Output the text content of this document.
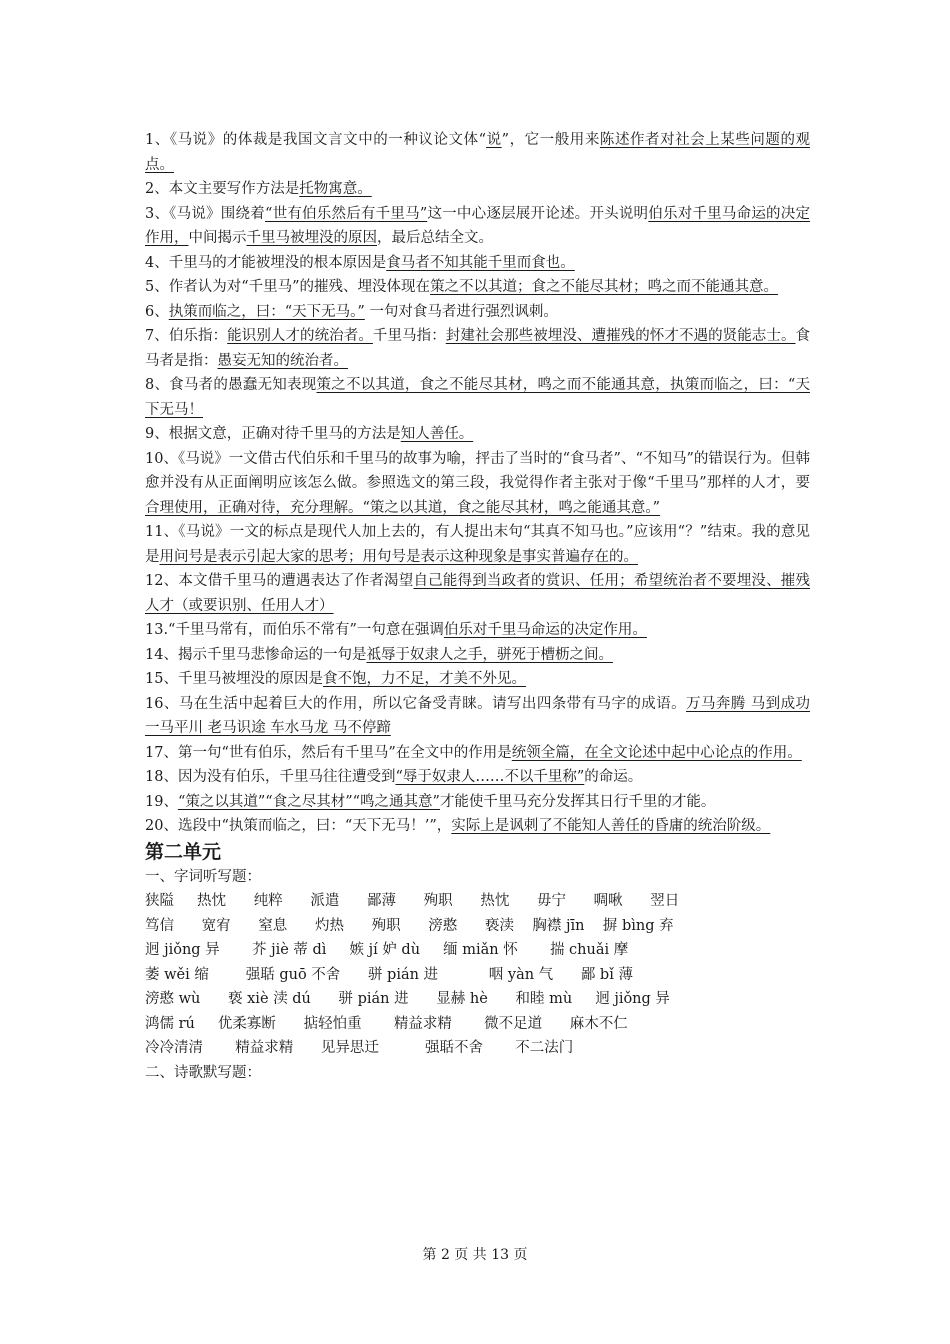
1、《马说》的体裁是我国文言文中的一种议论文体“说”，它一般用来陈述作者对社会上某些问题的观点。

2、本文主要写作方法是托物寓意。

3、《马说》围绕着“世有伯乐然后有千里马”这一中心逐层展开论述。开头说明伯乐对千里马命运的决定作用，中间揭示千里马被埋没的原因，最后总结全文。

4、千里马的才能被埋没的根本原因是食马者不知其能千里而食也。

5、作者认为对“千里马”的摧残、埋没体现在策之不以其道；食之不能尽其材；鸣之而不能通其意。

6、执策而临之，曰：“天下无马。” 一句对食马者进行强烈讽刺。

7、伯乐指：能识别人才的统治者。千里马指：封建社会那些被埋没、遭摧残的怀才不遇的贤能志士。食马者是指：愚妄无知的统治者。

8、食马者的愚蠢无知表现策之不以其道，食之不能尽其材，鸣之而不能通其意，执策而临之，曰：“天下无马！

9、根据文意，正确对待千里马的方法是知人善任。

10、《马说》一文借古代伯乐和千里马的故事为喻，抨击了当时的“食马者”、“不知马”的错误行为。但韩愈并没有从正面阐明应该怎么做。参照选文的第三段，我觉得作者主张对于像“千里马”那样的人才，要合理使用，正确对待，充分理解。“策之以其道，食之能尽其材，鸣之能通其意。”

11、《马说》一文的标点是现代人加上去的，有人提出末句“其真不知马也。”应该用“？”结束。我的意见是用问号是表示引起大家的思考；用句号是表示这种现象是事实普遍存在的。

12、本文借千里马的遭遇表达了作者渴望自己能得到当政者的赏识、任用；希望统治者不要埋没、摧残人才（或要识别、任用人才）

13.“千里马常有，而伯乐不常有”一句意在强调伯乐对千里马命运的决定作用。

14、揭示千里马悲惨命运的一句是祗辱于奴隶人之手，骈死于槽枥之间。

15、千里马被埋没的原因是食不饱，力不足，才美不外见。

16、马在生活中起着巨大的作用，所以它备受青睐。请写出四条带有马字的成语。万马奔腾 马到成功 一马平川 老马识途 车水马龙 马不停蹄

17、第一句“世有伯乐，然后有千里马”在全文中的作用是统领全篇，在全文论述中起中心论点的作用。

18、因为没有伯乐，千里马往往遭受到“辱于奴隶人……不以千里称”的命运。

19、“策之以其道”“食之尽其材”“鸣之通其意”才能使千里马充分发挥其日行千里的才能。

20、选段中“执策而临之，曰：“天下无马！’”，实际上是讽刺了不能知人善任的昏庸的统治阶级。

第二单元

一、字词听写题：

狭隘     热忱      纯粹      派遣      鄙薄      殉职      热忱      毋宁      啁啾      翌日

笃信      宽宥      窒息      灼热      殉职      滂憨      亵渎    胸襟 jīn    摒 bìng 弃

迥 jiǒng 异       芥 jiè 蒂 dì     嫉 jí 妒 dù     缅 miǎn 怀       揣 chuǎi 摩

萎 wěi 缩        强聒 guō 不舍      骈 pián 进           咽 yàn 气      鄙 bǐ 薄

滂憨 wù      亵 xiè 渎 dú      骈 pián 进      显赫 hè      和睦 mù     迥 jiǒng 异

鸿儒 rú     优柔寡断      掂轻怕重       精益求精       微不足道      麻木不仁

冷冷清清       精益求精      见异思迁          强聒不舍       不二法门

二、诗歌默写题：

第 2 页 共 13 页
